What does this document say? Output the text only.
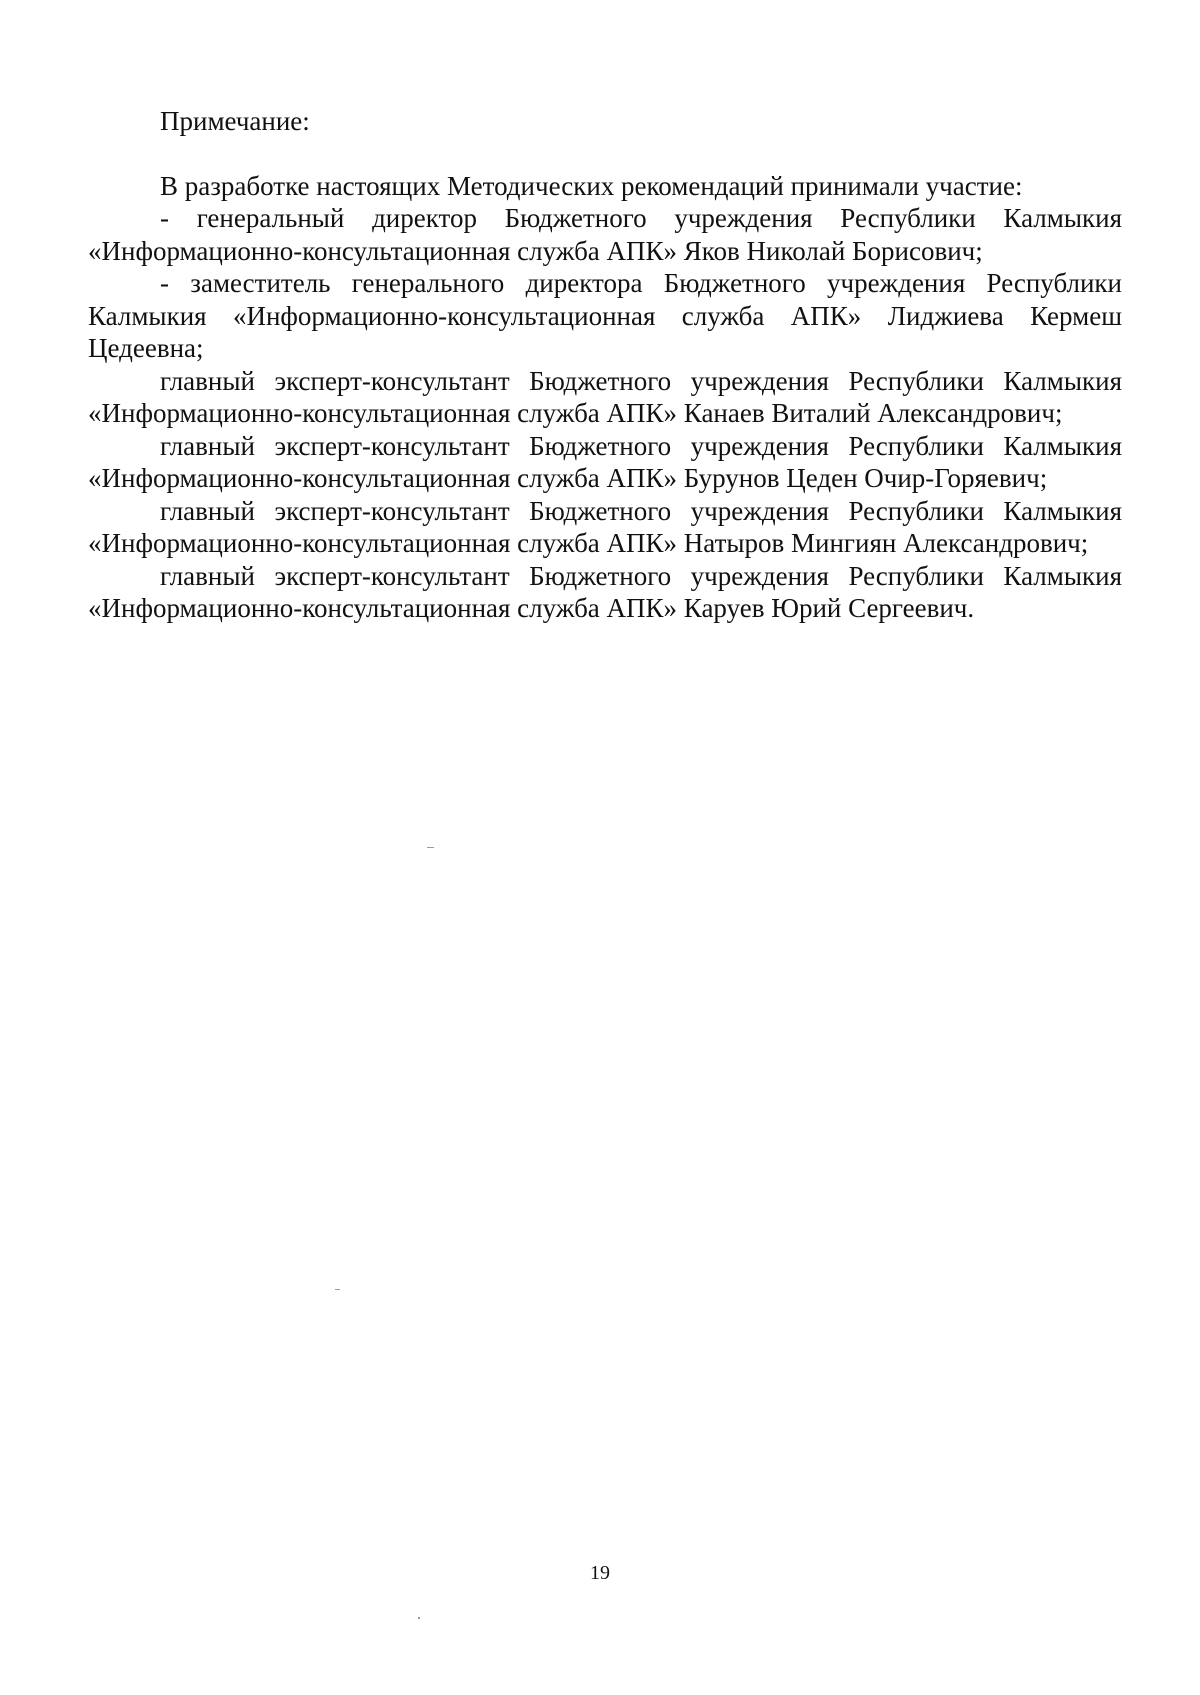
Примечание:

В разработке настоящих Методических рекомендаций принимали участие:

- генеральный директор Бюджетного учреждения Республики Калмыкия «Информационно-консультационная служба АПК» Яков Николай Борисович;

- заместитель генерального директора Бюджетного учреждения Республики Калмыкия «Информационно-консультационная служба АПК» Лиджиева Кермеш Цедеевна;

главный эксперт-консультант Бюджетного учреждения Республики Калмыкия «Информационно-консультационная служба АПК» Канаев Виталий Александрович;

главный эксперт-консультант Бюджетного учреждения Республики Калмыкия «Информационно-консультационная служба АПК» Бурунов Цеден Очир-Горяевич;

главный эксперт-консультант Бюджетного учреждения Республики Калмыкия «Информационно-консультационная служба АПК» Натыров Мингиян Александрович;

главный эксперт-консультант Бюджетного учреждения Республики Калмыкия «Информационно-консультационная служба АПК» Каруев Юрий Сергеевич.

19
